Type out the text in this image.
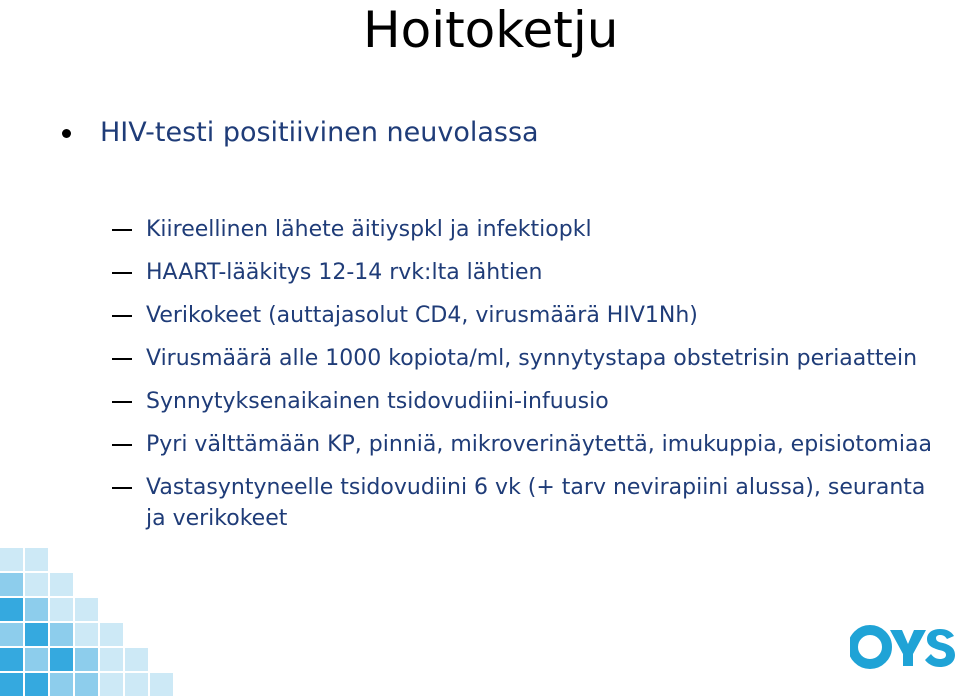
Hoitoketju
HIV-testi positiivinen neuvolassa
Kiireellinen lähete äitiyspkl ja infektiopkl
HAART-lääkitys 12-14 rvk:lta lähtien
Verikokeet (auttajasolut CD4, virusmäärä HIV1Nh)
Virusmäärä alle 1000 kopiota/ml, synnytystapa obstetrisin periaattein
Synnytyksenaikainen tsidovudiini-infuusio
Pyri välttämään KP, pinniä, mikroverinäytettä, imukuppia, episiotomiaa
Vastasyntyneelle tsidovudiini 6 vk (+ tarv nevirapiini alussa), seuranta ja verikokeet
